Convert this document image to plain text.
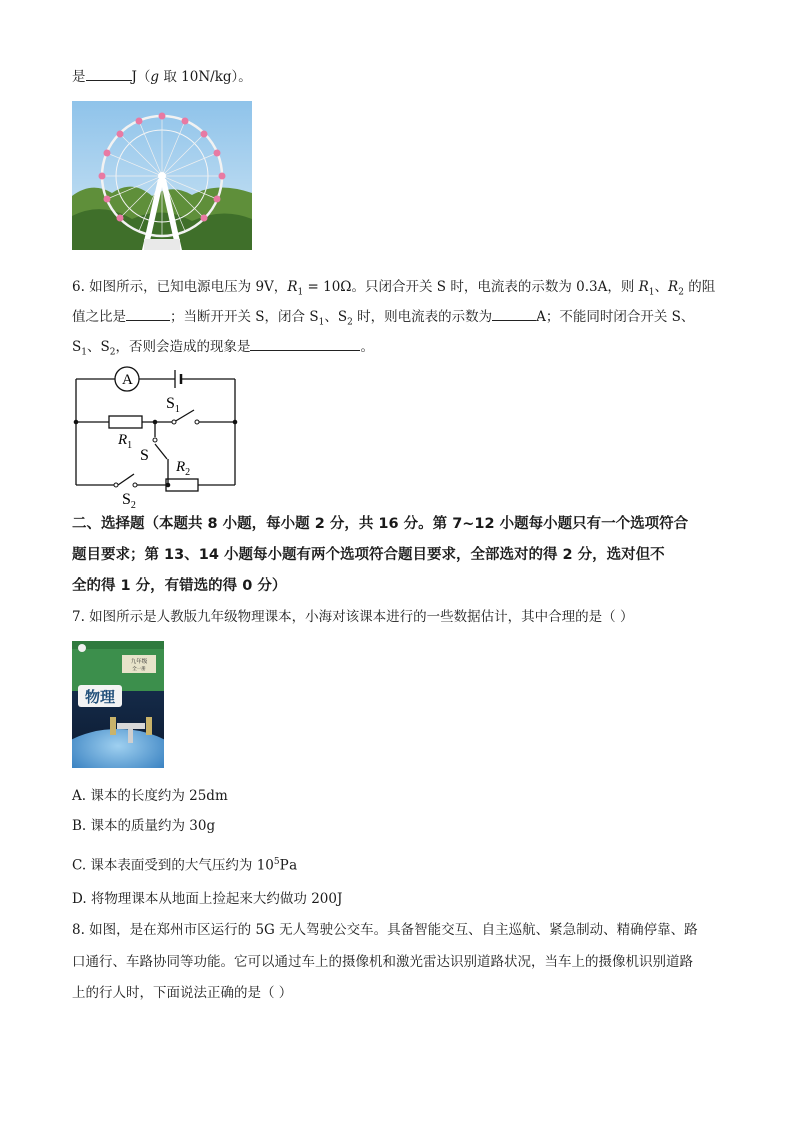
是	J（g 取 10N/kg）。
6. 如图所示，已知电源电压为 9V，$R_1 = 10\Omega$。只闭合开关 S 时，电流表的示数为 0.3A，则 $R_1$、$R_2$ 的阻
值之比是	；当断开开关 S，闭合 $S_1$、$S_2$ 时，则电流表的示数为	A；不能同时闭合开关 S、
$S_1$、$S_2$，否则会造成的现象是	。
A
$S_1$
$R_1$
S
$R_2$
$S_2$
二、选择题（本题共 8 小题，每小题 2 分，共 16 分。第 7~12 小题每小题只有一个选项符合
题目要求；第 13、14 小题每小题有两个选项符合题目要求，全部选对的得 2 分，选对但不
全的得 1 分，有错选的得 0 分）
7. 如图所示是人教版九年级物理课本，小海对该课本进行的一些数据估计，其中合理的是（ ）
九年级
全一册
物理
A. 课本的长度约为 25dm
B. 课本的质量约为 30g
C. 课本表面受到的大气压约为 $10^5Pa$
D. 将物理课本从地面上捡起来大约做功 200J
8. 如图，是在郑州市区运行的 5G 无人驾驶公交车。具备智能交互、自主巡航、紧急制动、精确停靠、路
口通行、车路协同等功能。它可以通过车上的摄像机和激光雷达识别道路状况，当车上的摄像机识别道路
上的行人时，下面说法正确的是（ ）
